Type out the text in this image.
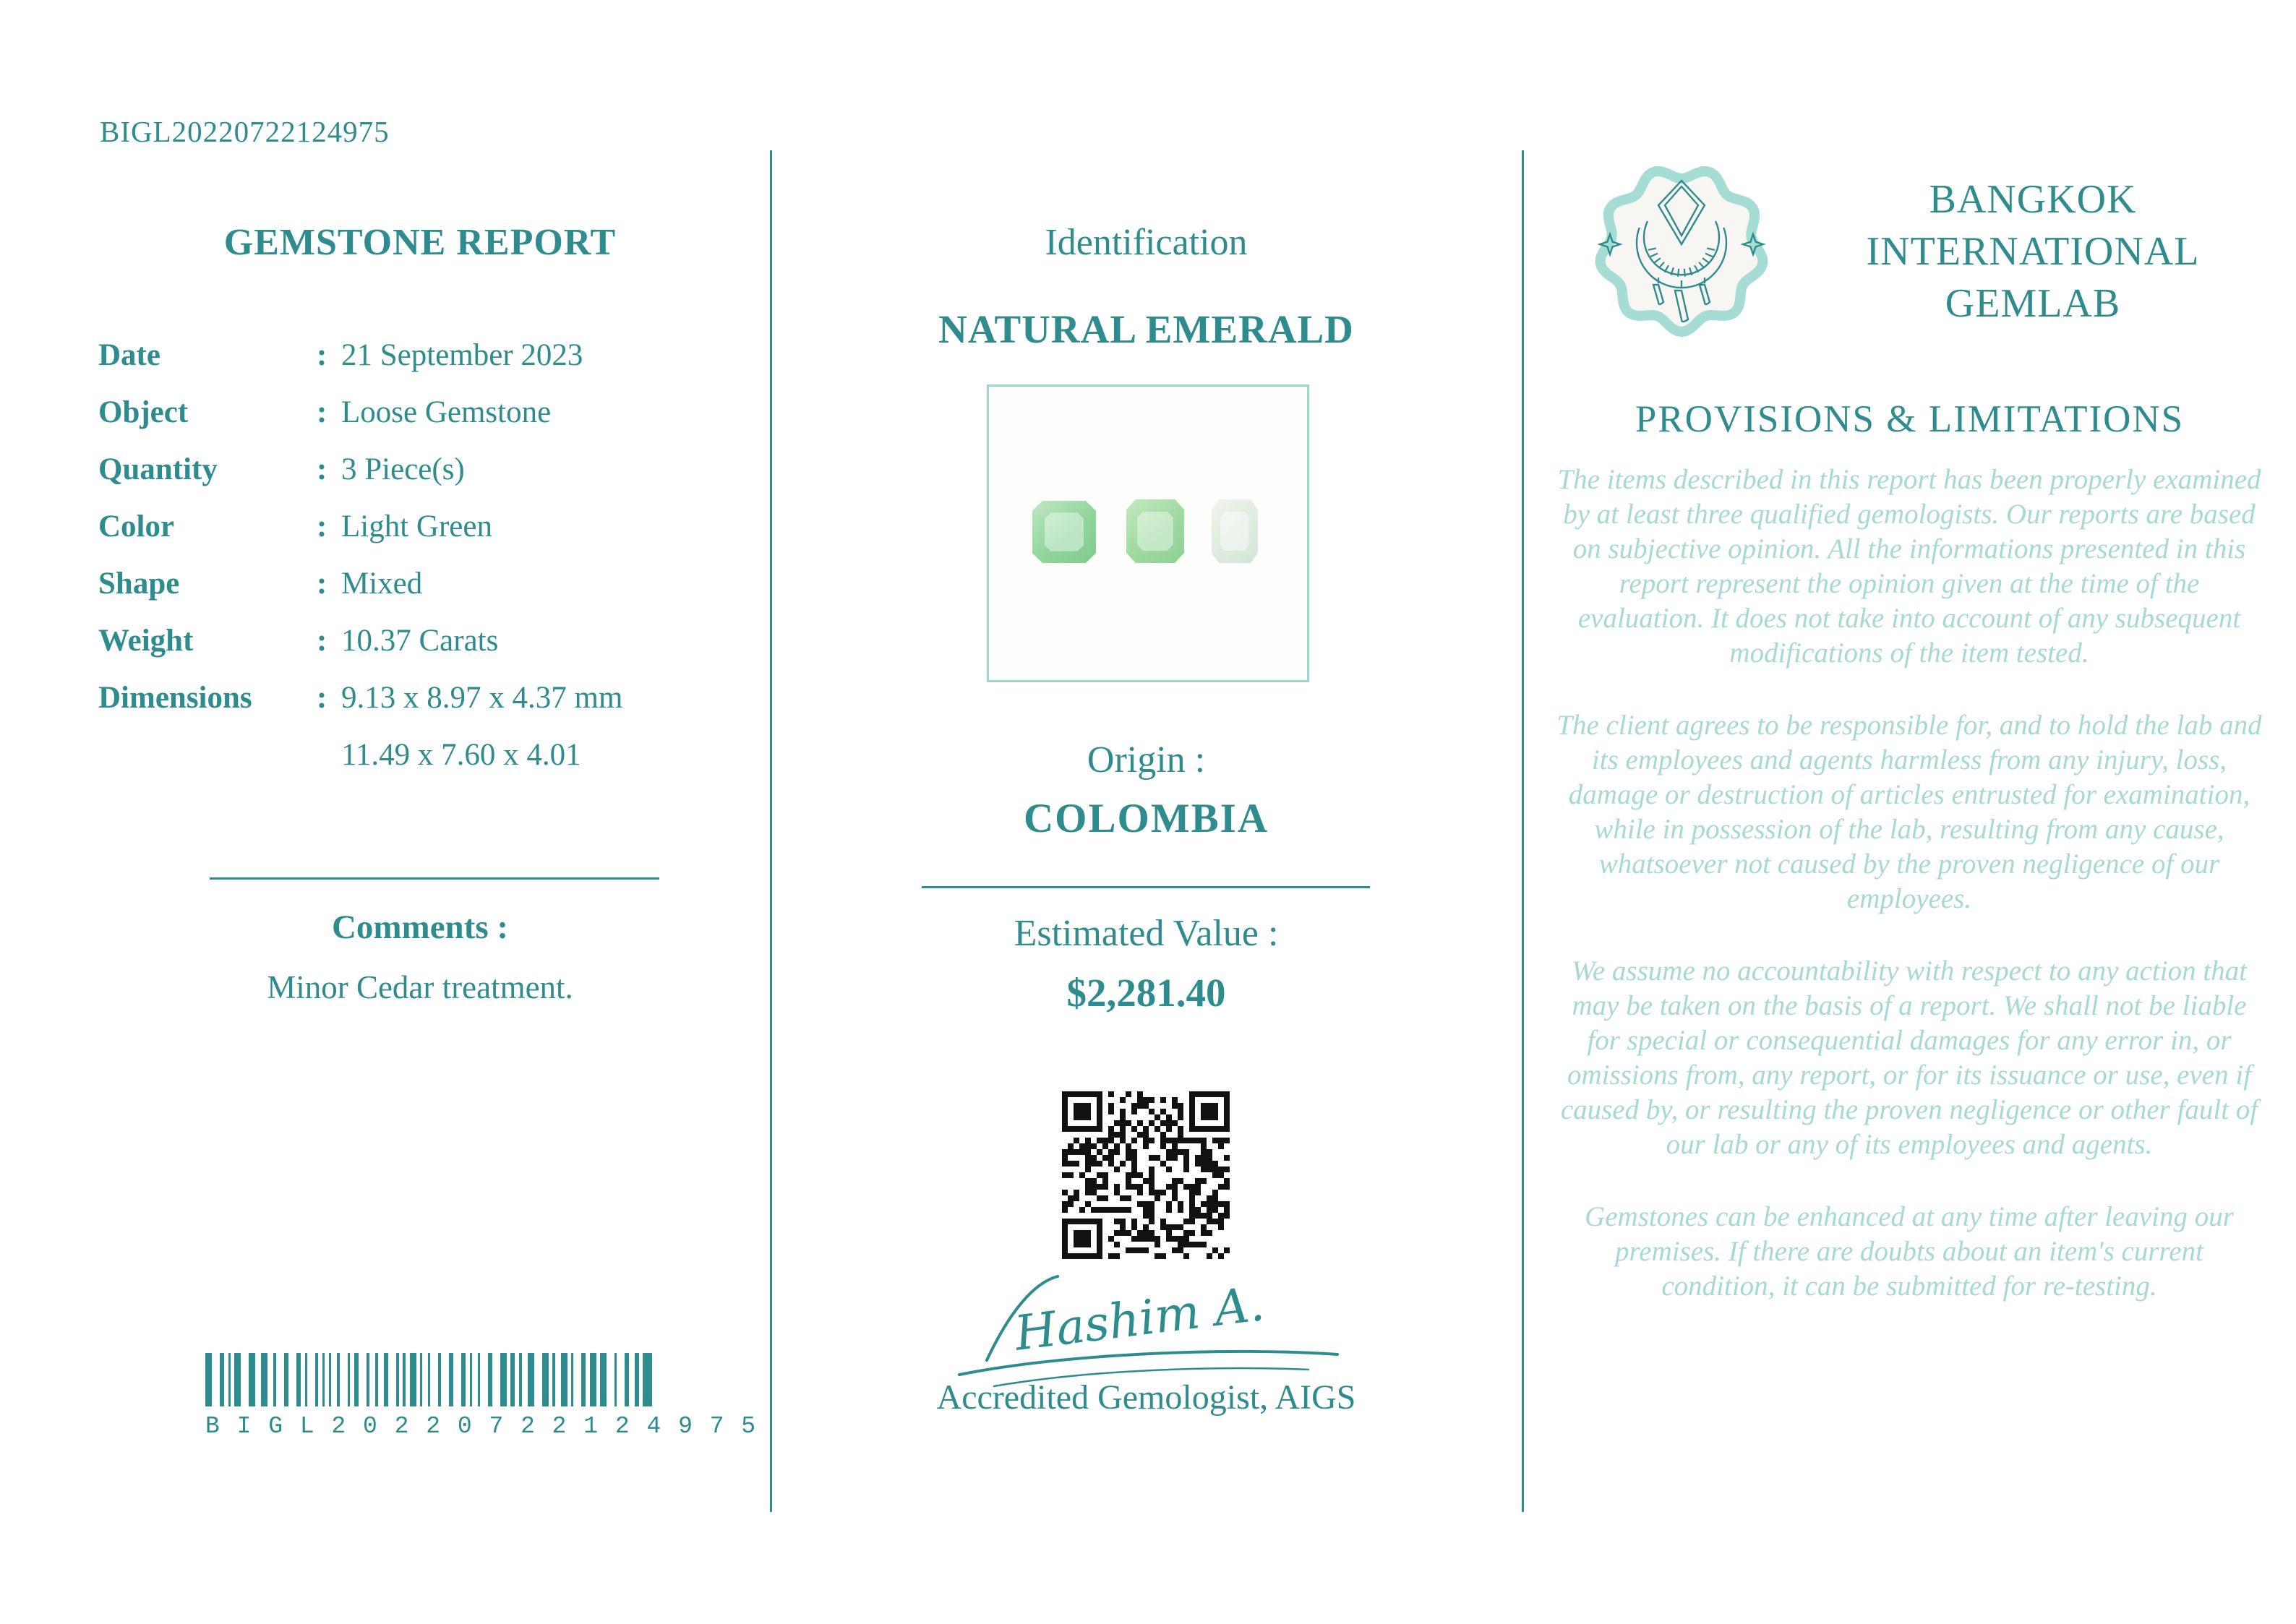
BIGL20220722124975
GEMSTONE REPORT
Date	: 21 September 2023
Object	: Loose Gemstone
Quantity	: 3 Piece(s)
Color	: Light Green
Shape	: Mixed
Weight	: 10.37 Carats
Dimensions : 9.13 x 8.97 x 4.37 mm
11.49 x 7.60 x 4.01
Comments :
Minor Cedar treatment.
B I G L 2 0 2 2 0 7 2 2 1 2 4 9 7 5
Identification
NATURAL EMERALD
Origin :
COLOMBIA
Estimated Value :
$2,281.40
Hashim A.
Accredited Gemologist, AIGS
BANGKOK
INTERNATIONAL
GEMLAB
PROVISIONS & LIMITATIONS

The items described in this report has been properly examined by at least three qualified gemologists. Our reports are based on subjective opinion. All the informations presented in this report represent the opinion given at the time of the evaluation. It does not take into account of any subsequent modifications of the item tested.

The client agrees to be responsible for, and to hold the lab and its employees and agents harmless from any injury, loss, damage or destruction of articles entrusted for examination, while in possession of the lab, resulting from any cause, whatsoever not caused by the proven negligence of our employees.

We assume no accountability with respect to any action that may be taken on the basis of a report. We shall not be liable for special or consequential damages for any error in, or omissions from, any report, or for its issuance or use, even if caused by, or resulting the proven negligence or other fault of our lab or any of its employees and agents.

Gemstones can be enhanced at any time after leaving our premises. If there are doubts about an item's current condition, it can be submitted for re-testing.
